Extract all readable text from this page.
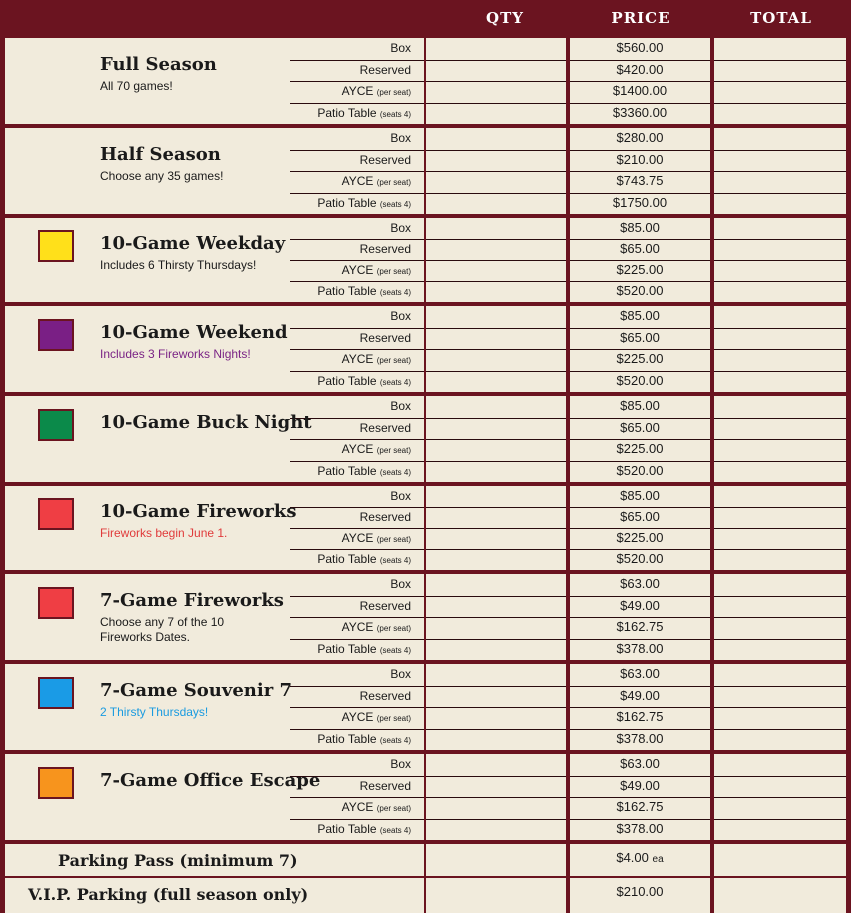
QTY	PRICE	TOTAL
Full Season
All 70 games!
Box	$560.00
Reserved	$420.00
AYCE (per seat)	$1400.00
Patio Table (seats 4)	$3360.00
Half Season
Choose any 35 games!
Box	$280.00
Reserved	$210.00
AYCE (per seat)	$743.75
Patio Table (seats 4)	$1750.00
10-Game Weekday
Includes 6 Thirsty Thursdays!
Box	$85.00
Reserved	$65.00
AYCE (per seat)	$225.00
Patio Table (seats 4)	$520.00
10-Game Weekend
Includes 3 Fireworks Nights!
Box	$85.00
Reserved	$65.00
AYCE (per seat)	$225.00
Patio Table (seats 4)	$520.00
10-Game Buck Night
Box	$85.00
Reserved	$65.00
AYCE (per seat)	$225.00
Patio Table (seats 4)	$520.00
10-Game Fireworks
Fireworks begin June 1.
Box	$85.00
Reserved	$65.00
AYCE (per seat)	$225.00
Patio Table (seats 4)	$520.00
7-Game Fireworks
Choose any 7 of the 10
Fireworks Dates.
Box	$63.00
Reserved	$49.00
AYCE (per seat)	$162.75
Patio Table (seats 4)	$378.00
7-Game Souvenir 7
2 Thirsty Thursdays!
Box	$63.00
Reserved	$49.00
AYCE (per seat)	$162.75
Patio Table (seats 4)	$378.00
7-Game Office Escape
Box	$63.00
Reserved	$49.00
AYCE (per seat)	$162.75
Patio Table (seats 4)	$378.00
Parking Pass (minimum 7)	$4.00 ea
V.I.P. Parking (full season only)	$210.00
